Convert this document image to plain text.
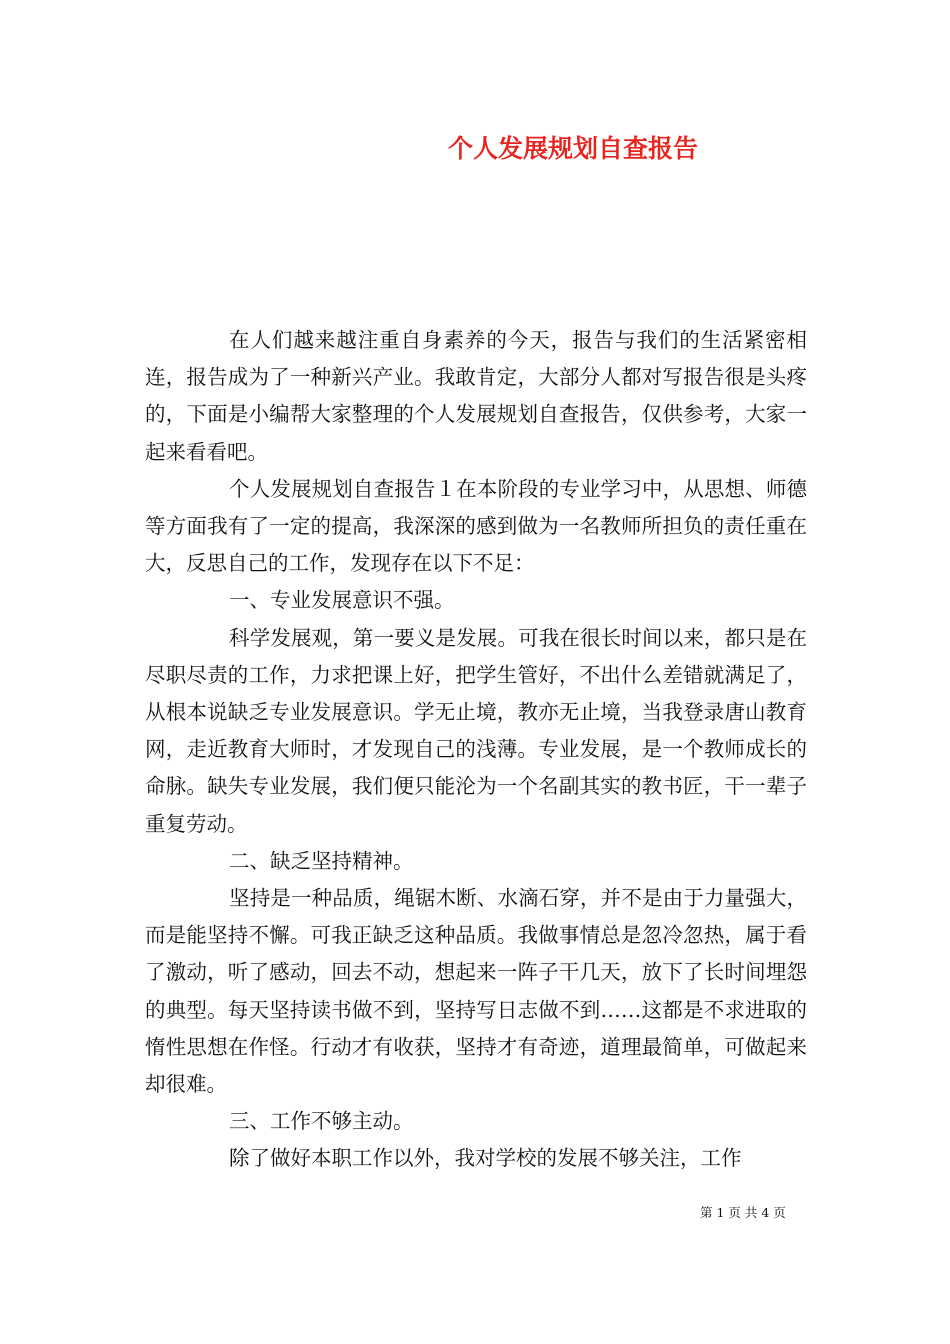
个人发展规划自查报告

在人们越来越注重自身素养的今天，报告与我们的生活紧密相连，报告成为了一种新兴产业。我敢肯定，大部分人都对写报告很是头疼的，下面是小编帮大家整理的个人发展规划自查报告，仅供参考，大家一起来看看吧。

个人发展规划自查报告１在本阶段的专业学习中，从思想、师德等方面我有了一定的提高，我深深的感到做为一名教师所担负的责任重在大，反思自己的工作，发现存在以下不足：

一、专业发展意识不强。

科学发展观，第一要义是发展。可我在很长时间以来，都只是在尽职尽责的工作，力求把课上好，把学生管好，不出什么差错就满足了，从根本说缺乏专业发展意识。学无止境，教亦无止境，当我登录唐山教育网，走近教育大师时，才发现自己的浅薄。专业发展，是一个教师成长的命脉。缺失专业发展，我们便只能沦为一个名副其实的教书匠，干一辈子重复劳动。

二、缺乏坚持精神。

坚持是一种品质，绳锯木断、水滴石穿，并不是由于力量强大，而是能坚持不懈。可我正缺乏这种品质。我做事情总是忽冷忽热，属于看了激动，听了感动，回去不动，想起来一阵子干几天，放下了长时间埋怨的典型。每天坚持读书做不到，坚持写日志做不到……这都是不求进取的惰性思想在作怪。行动才有收获，坚持才有奇迹，道理最简单，可做起来却很难。

三、工作不够主动。

除了做好本职工作以外，我对学校的发展不够关注，工作

第 1 页 共 4 页
